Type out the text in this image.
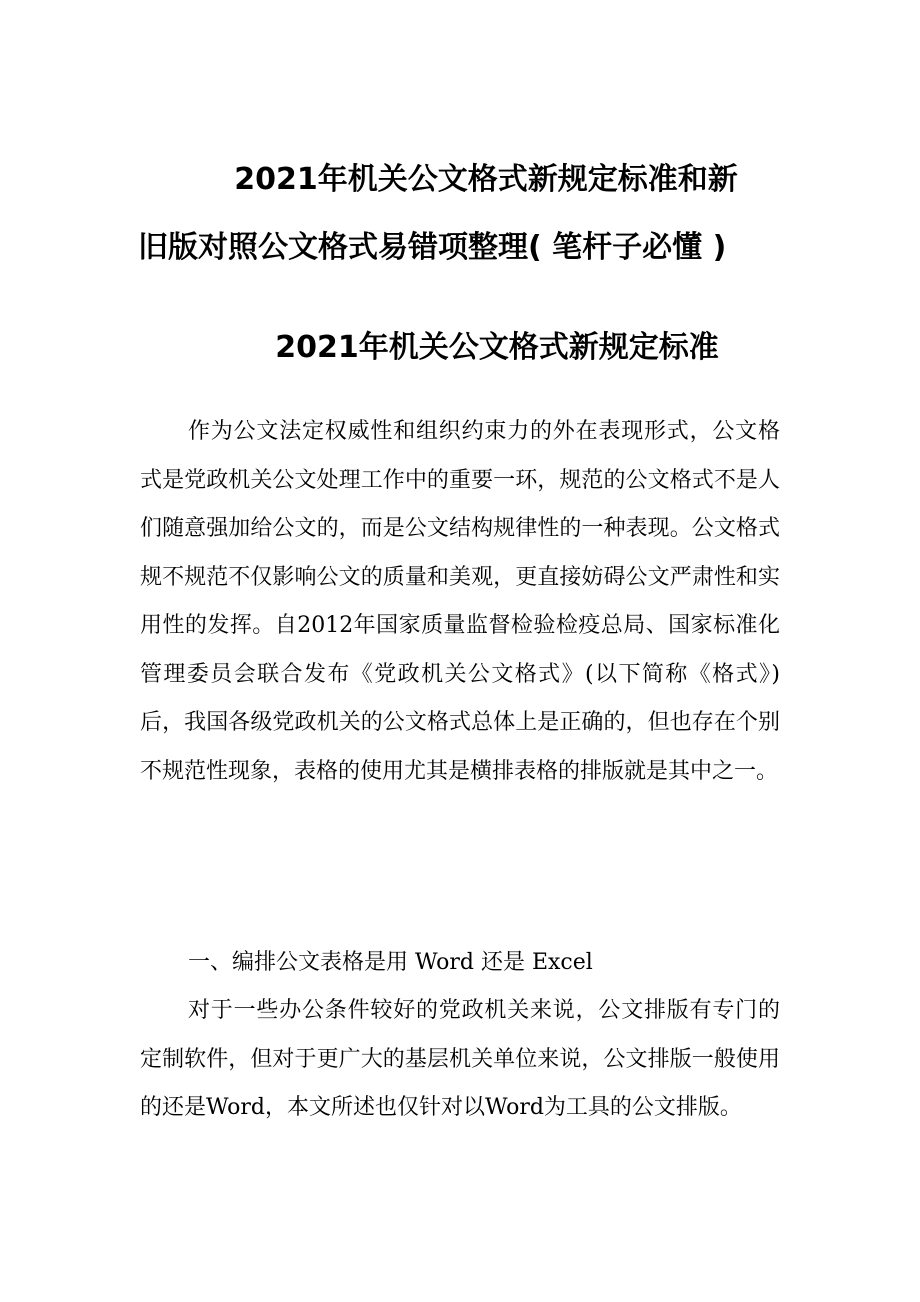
2021年机关公文格式新规定标准和新
旧版对照公文格式易错项整理( 笔杆子必懂 )
2021年机关公文格式新规定标准

作为公文法定权威性和组织约束力的外在表现形式，公文格式是党政机关公文处理工作中的重要一环，规范的公文格式不是人们随意强加给公文的，而是公文结构规律性的一种表现。公文格式规不规范不仅影响公文的质量和美观，更直接妨碍公文严肃性和实用性的发挥。自2012年国家质量监督检验检疫总局、国家标准化管理委员会联合发布《党政机关公文格式》(以下简称《格式》) 后，我国各级党政机关的公文格式总体上是正确的，但也存在个别不规范性现象，表格的使用尤其是横排表格的排版就是其中之一。

一、编排公文表格是用 Word 还是 Excel

对于一些办公条件较好的党政机关来说，公文排版有专门的定制软件，但对于更广大的基层机关单位来说，公文排版一般使用的还是Word，本文所述也仅针对以Word为工具的公文排版。
